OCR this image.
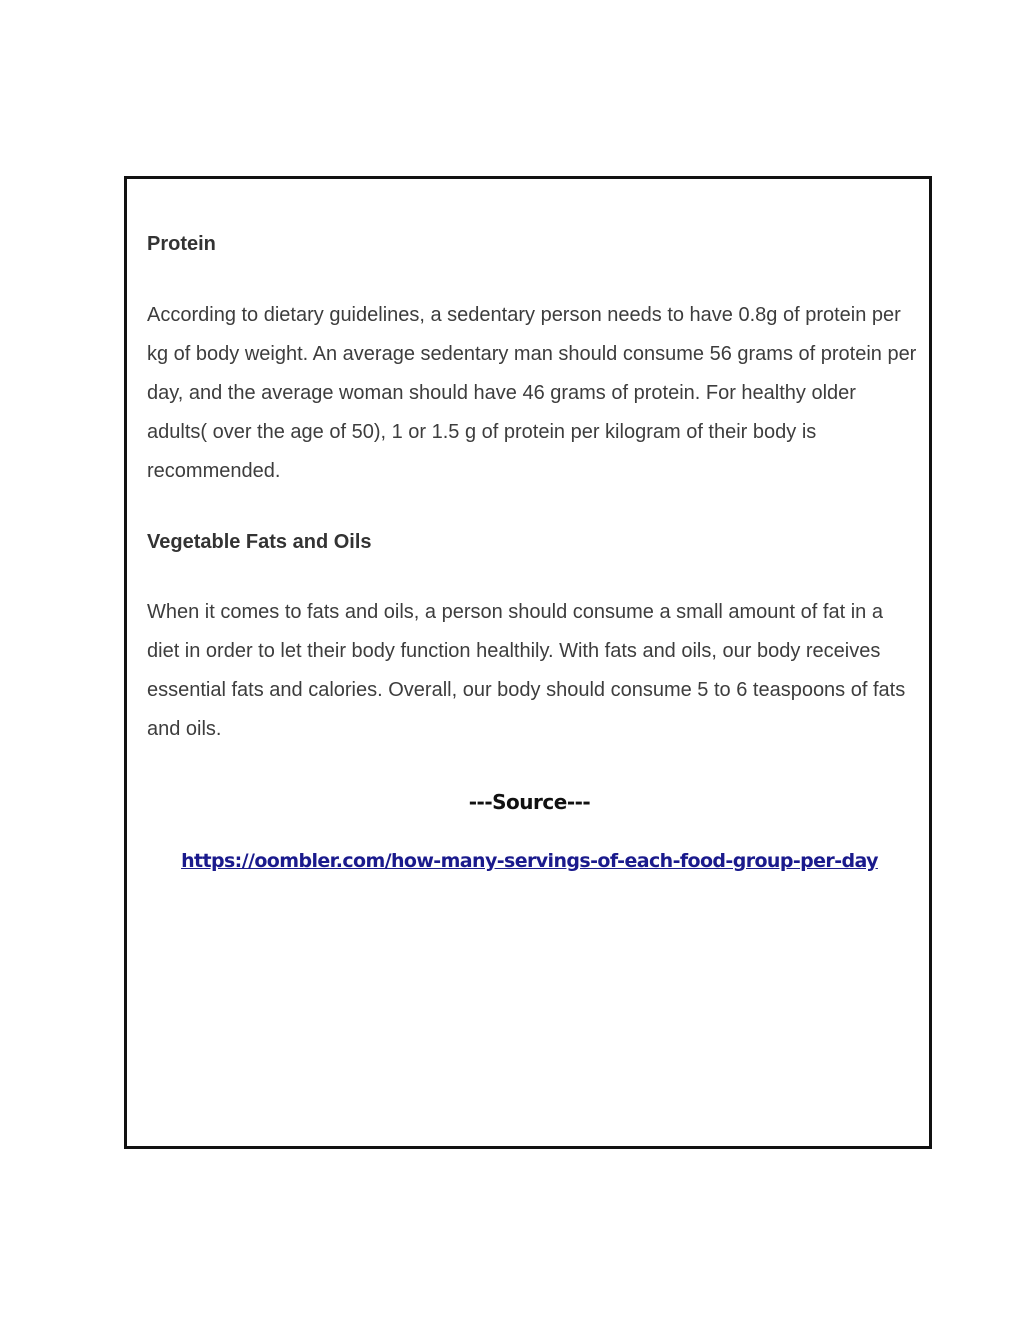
Protein

According to dietary guidelines, a sedentary person needs to have 0.8g of protein per kg of body weight. An average sedentary man should consume 56 grams of protein per day, and the average woman should have 46 grams of protein. For healthy older adults( over the age of 50), 1 or 1.5 g of protein per kilogram of their body is recommended.

Vegetable Fats and Oils

When it comes to fats and oils, a person should consume a small amount of fat in a diet in order to let their body function healthily. With fats and oils, our body receives essential fats and calories. Overall, our body should consume 5 to 6 teaspoons of fats and oils.

---Source---
https://oombler.com/how-many-servings-of-each-food-group-per-day
